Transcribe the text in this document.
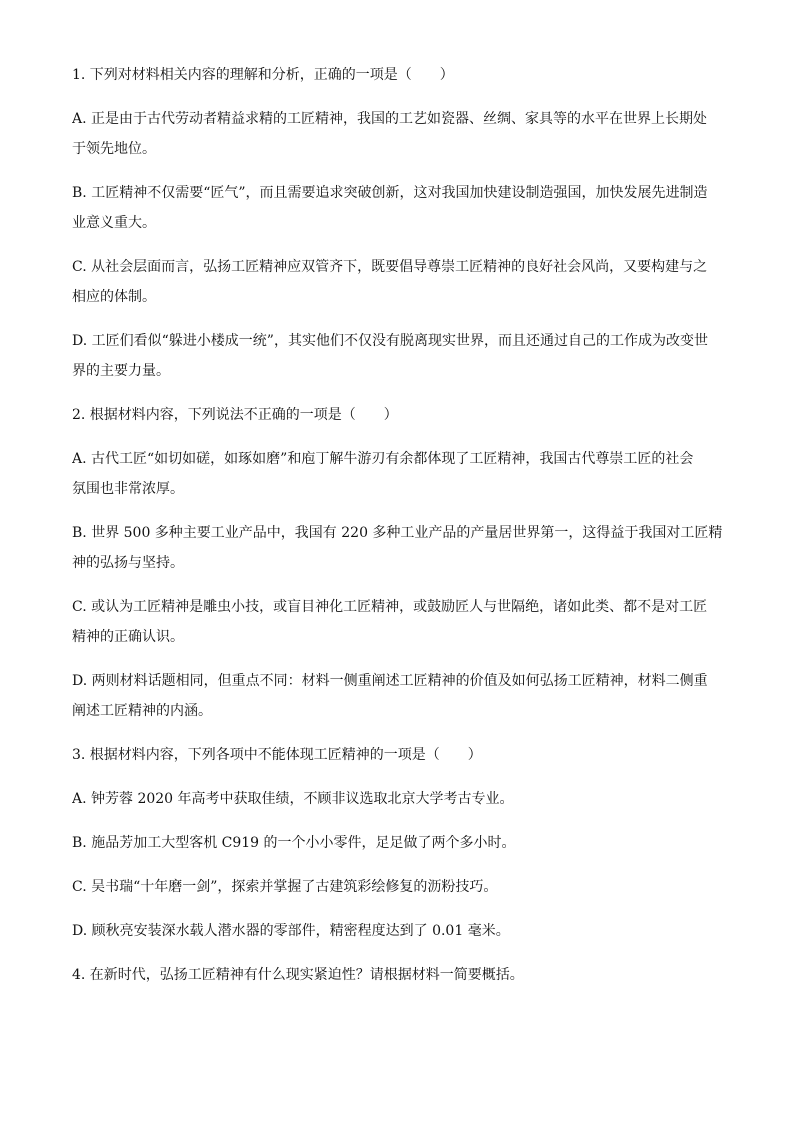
1. 下列对材料相关内容的理解和分析，正确的一项是（　　）
A. 正是由于古代劳动者精益求精的工匠精神，我国的工艺如瓷器、丝绸、家具等的水平在世界上长期处
于领先地位。
B. 工匠精神不仅需要“匠气”，而且需要追求突破创新，这对我国加快建设制造强国，加快发展先进制造
业意义重大。
C. 从社会层面而言，弘扬工匠精神应双管齐下，既要倡导尊崇工匠精神的良好社会风尚，又要构建与之
相应的体制。
D. 工匠们看似“躲进小楼成一统”，其实他们不仅没有脱离现实世界，而且还通过自己的工作成为改变世
界的主要力量。
2. 根据材料内容，下列说法不正确的一项是（　　）
A. 古代工匠“如切如磋，如琢如磨”和庖丁解牛游刃有余都体现了工匠精神，我国古代尊崇工匠的社会
氛围也非常浓厚。
B. 世界 500 多种主要工业产品中，我国有 220 多种工业产品的产量居世界第一，这得益于我国对工匠精
神的弘扬与坚持。
C. 或认为工匠精神是雕虫小技，或盲目神化工匠精神，或鼓励匠人与世隔绝，诸如此类、都不是对工匠
精神的正确认识。
D. 两则材料话题相同，但重点不同：材料一侧重阐述工匠精神的价值及如何弘扬工匠精神，材料二侧重
阐述工匠精神的内涵。
3. 根据材料内容，下列各项中不能体现工匠精神的一项是（　　）
A. 钟芳蓉 2020 年高考中获取佳绩，不顾非议选取北京大学考古专业。
B. 施品芳加工大型客机 C919 的一个小小零件，足足做了两个多小时。
C. 吴书瑞“十年磨一剑”，探索并掌握了古建筑彩绘修复的沥粉技巧。
D. 顾秋亮安装深水载人潜水器的零部件，精密程度达到了 0.01 毫米。
4. 在新时代，弘扬工匠精神有什么现实紧迫性？请根据材料一简要概括。
